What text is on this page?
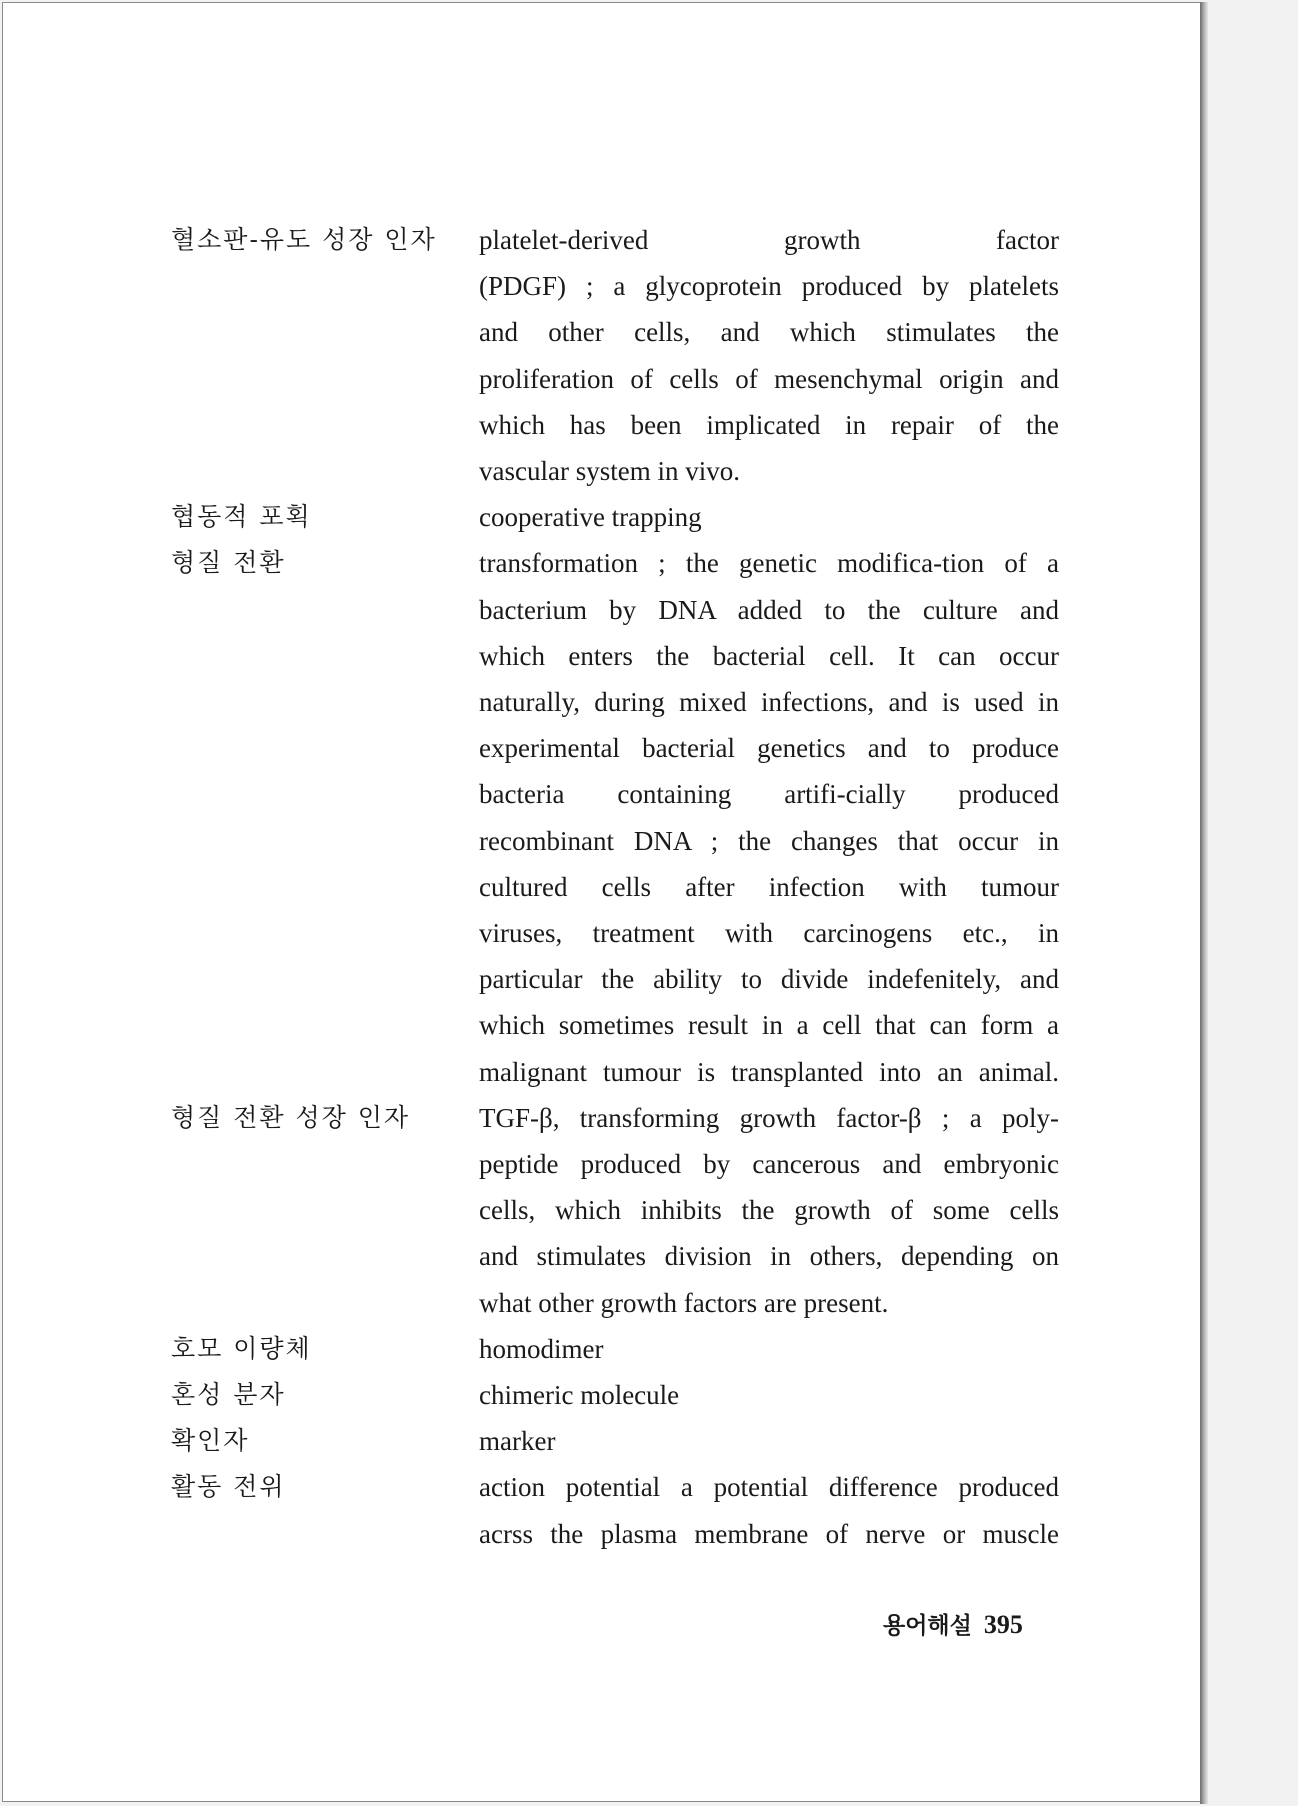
혈소판-유도 성장 인자	platelet-derived growth factor
(PDGF) ; a glycoprotein produced by platelets
and other cells, and which stimulates the
proliferation of cells of mesenchymal origin and
which has been implicated in repair of the
vascular system in vivo.
협동적 포획	cooperative trapping
형질 전환	transformation ; the genetic modifica-tion of a
bacterium by DNA added to the culture and
which enters the bacterial cell. It can occur
naturally, during mixed infections, and is used in
experimental bacterial genetics and to produce
bacteria containing artifi-cially produced
recombinant DNA ; the changes that occur in
cultured cells after infection with tumour
viruses, treatment with carcinogens etc., in
particular the ability to divide indefenitely, and
which sometimes result in a cell that can form a
malignant tumour is transplanted into an animal.
형질 전환 성장 인자	TGF-β, transforming growth factor-β ; a poly-
peptide produced by cancerous and embryonic
cells, which inhibits the growth of some cells
and stimulates division in others, depending on
what other growth factors are present.
호모 이량체	homodimer
혼성 분자	chimeric molecule
확인자	marker
활동 전위	action potential a potential difference produced
acrss the plasma membrane of nerve or muscle
용어해설 395
